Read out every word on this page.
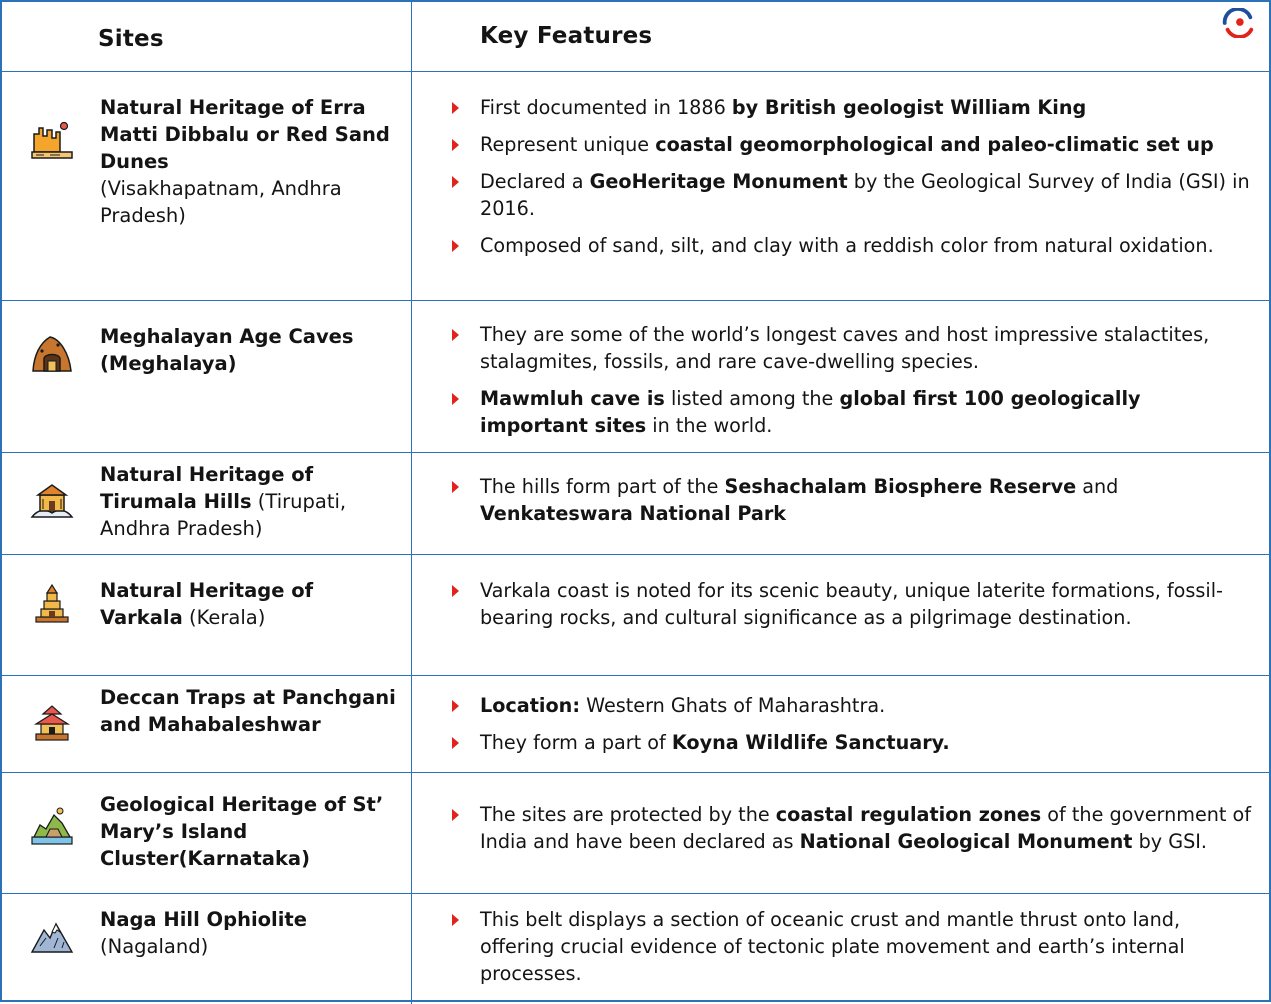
Sites	Key Features
Natural Heritage of Erra Matti Dibbalu or Red Sand Dunes
(Visakhapatnam, Andhra Pradesh)
First documented in 1886 by British geologist William King
Represent unique coastal geomorphological and paleo-climatic set up
Declared a GeoHeritage Monument by the Geological Survey of India (GSI) in 2016.
Composed of sand, silt, and clay with a reddish color from natural oxidation.
Meghalayan Age Caves (Meghalaya)
They are some of the world’s longest caves and host impressive stalactites, stalagmites, fossils, and rare cave-dwelling species.
Mawmluh cave is listed among the global first 100 geologically important sites in the world.
Natural Heritage of Tirumala Hills (Tirupati, Andhra Pradesh)
The hills form part of the Seshachalam Biosphere Reserve and Venkateswara National Park
Natural Heritage of Varkala (Kerala)
Varkala coast is noted for its scenic beauty, unique laterite formations, fossil-bearing rocks, and cultural significance as a pilgrimage destination.
Deccan Traps at Panchgani and Mahabaleshwar
Location: Western Ghats of Maharashtra.
They form a part of Koyna Wildlife Sanctuary.
Geological Heritage of St’ Mary’s Island Cluster(Karnataka)
The sites are protected by the coastal regulation zones of the government of India and have been declared as National Geological Monument by GSI.
Naga Hill Ophiolite
(Nagaland)
This belt displays a section of oceanic crust and mantle thrust onto land, offering crucial evidence of tectonic plate movement and earth’s internal processes.
